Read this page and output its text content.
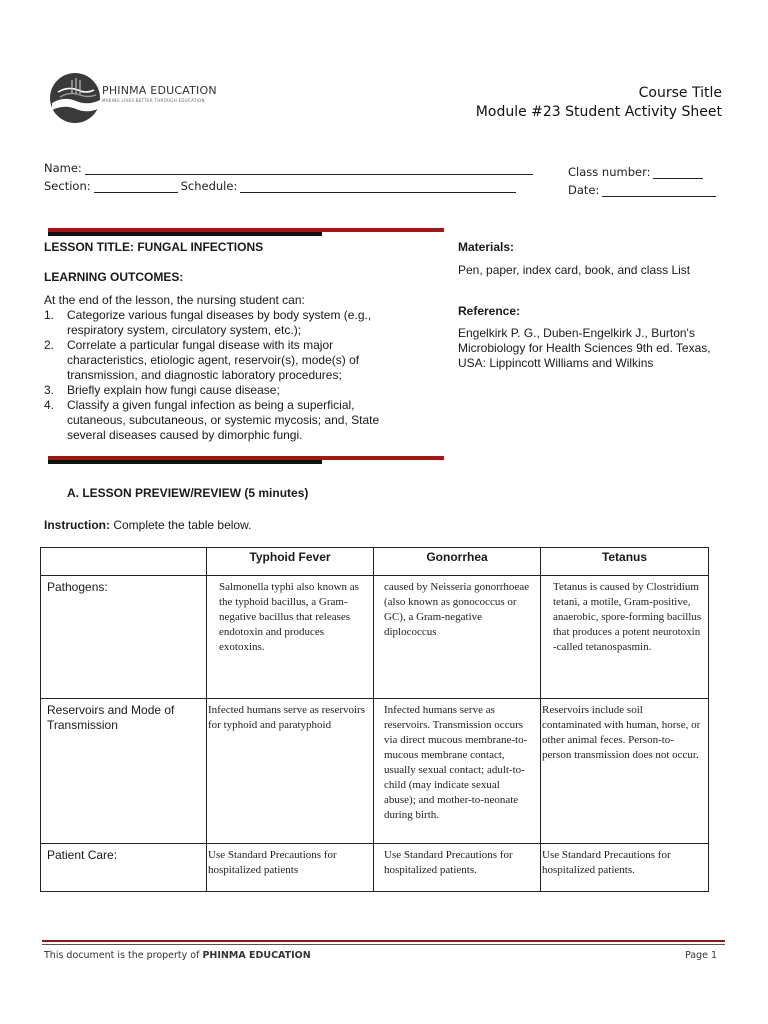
PHINMA EDUCATION
MAKING LIVES BETTER THROUGH EDUCATION	Course Title
Module #23 Student Activity Sheet
Name:
Section:	Schedule:
Class number:
Date:
LESSON TITLE: FUNGAL INFECTIONS
LEARNING OUTCOMES:
At the end of the lesson, the nursing student can:
1.	Categorize various fungal diseases by body system (e.g., respiratory system, circulatory system, etc.);
2.	Correlate a particular fungal disease with its major characteristics, etiologic agent, reservoir(s), mode(s) of transmission, and diagnostic laboratory procedures;
3.	Briefly explain how fungi cause disease;
4.	Classify a given fungal infection as being a superficial, cutaneous, subcutaneous, or systemic mycosis; and, State several diseases caused by dimorphic fungi.
Materials:
Pen, paper, index card, book, and class List
Reference:
Engelkirk P. G., Duben-Engelkirk J., Burton's Microbiology for Health Sciences 9th ed. Texas, USA: Lippincott Williams and Wilkins
A. LESSON PREVIEW/REVIEW (5 minutes)
Instruction: Complete the table below.
	Typhoid Fever	Gonorrhea	Tetanus
Pathogens:	Salmonella typhi also known as the typhoid bacillus, a Gram-negative bacillus that releases endotoxin and produces exotoxins.	caused by Neisseria gonorrhoeae (also known as gonococcus or GC), a Gram-negative diplococcus	Tetanus is caused by Clostridium tetani, a motile, Gram-positive, anaerobic, spore-forming bacillus that produces a potent neurotoxin -called tetanospasmin.
Reservoirs and Mode of Transmission	Infected humans serve as reservoirs for typhoid and paratyphoid	Infected humans serve as reservoirs. Transmission occurs via direct mucous membrane-to-mucous membrane contact, usually sexual contact; adult-to-child (may indicate sexual abuse); and mother-to-neonate during birth.	Reservoirs include soil contaminated with human, horse, or other animal feces. Person-to-person transmission does not occur.
Patient Care:	Use Standard Precautions for hospitalized patients	Use Standard Precautions for hospitalized patients.	Use Standard Precautions for hospitalized patients.
This document is the property of PHINMA EDUCATION	Page 1
